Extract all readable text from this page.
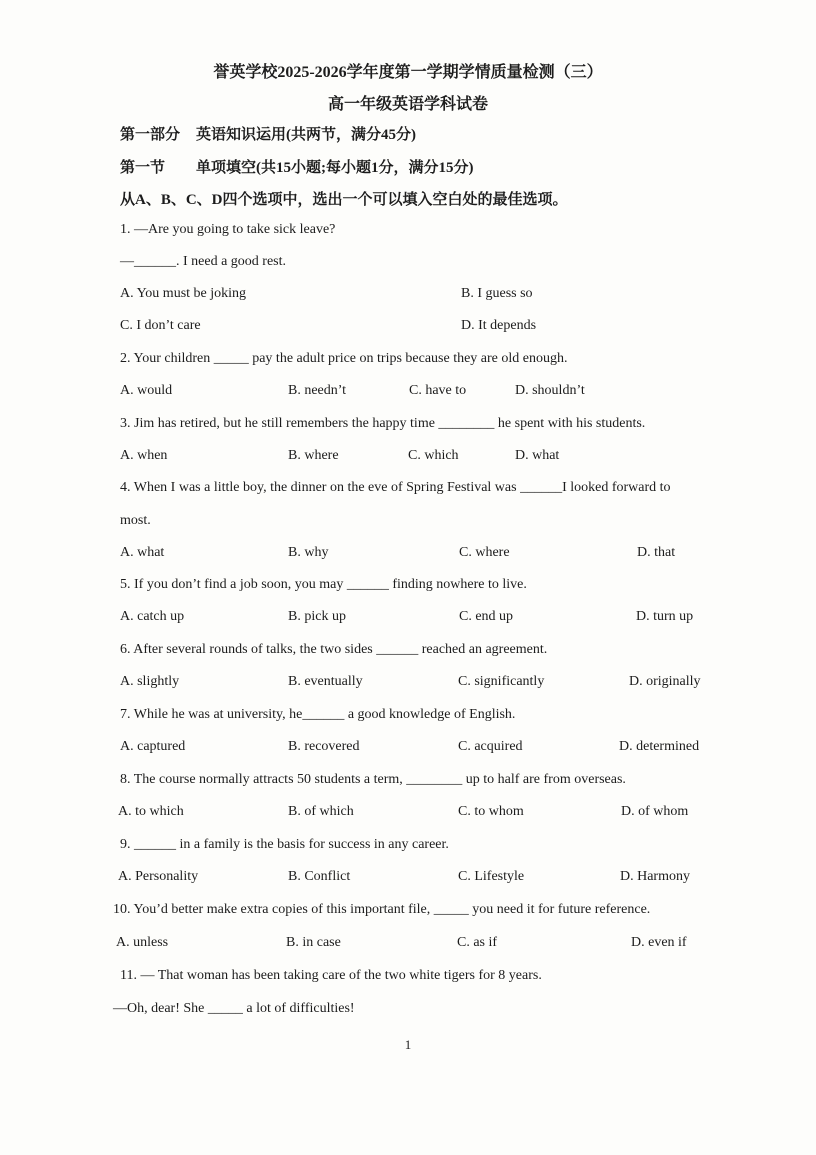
誉英学校2025-2026学年度第一学期学情质量检测（三）
高一年级英语学科试卷
第一部分 英语知识运用(共两节，满分45分)
第一节 单项填空(共15小题;每小题1分，满分15分)
从A、B、C、D四个选项中，选出一个可以填入空白处的最佳选项。
1. —Are you going to take sick leave?
—______. I need a good rest.
A. You must be joking	B. I guess so
C. I don’t care	D. It depends
2. Your children _____ pay the adult price on trips because they are old enough.
A. would	B. needn’t	C. have to	D. shouldn’t
3. Jim has retired, but he still remembers the happy time ________ he spent with his students.
A. when	B. where	C. which	D. what
4. When I was a little boy, the dinner on the eve of Spring Festival was ______I looked forward to
most.
A. what	B. why	C. where	D. that
5. If you don’t find a job soon, you may ______ finding nowhere to live.
A. catch up	B. pick up	C. end up	D. turn up
6. After several rounds of talks, the two sides ______ reached an agreement.
A. slightly	B. eventually	C. significantly	D. originally
7. While he was at university, he______ a good knowledge of English.
A. captured	B. recovered	C. acquired	D. determined
8. The course normally attracts 50 students a term, ________ up to half are from overseas.
A. to which	B. of which	C. to whom	D. of whom
9. ______ in a family is the basis for success in any career.
A. Personality	B. Conflict	C. Lifestyle	D. Harmony
10. You’d better make extra copies of this important file, _____ you need it for future reference.
A. unless	B. in case	C. as if	D. even if
11. — That woman has been taking care of the two white tigers for 8 years.
—Oh, dear! She _____ a lot of difficulties!
1
